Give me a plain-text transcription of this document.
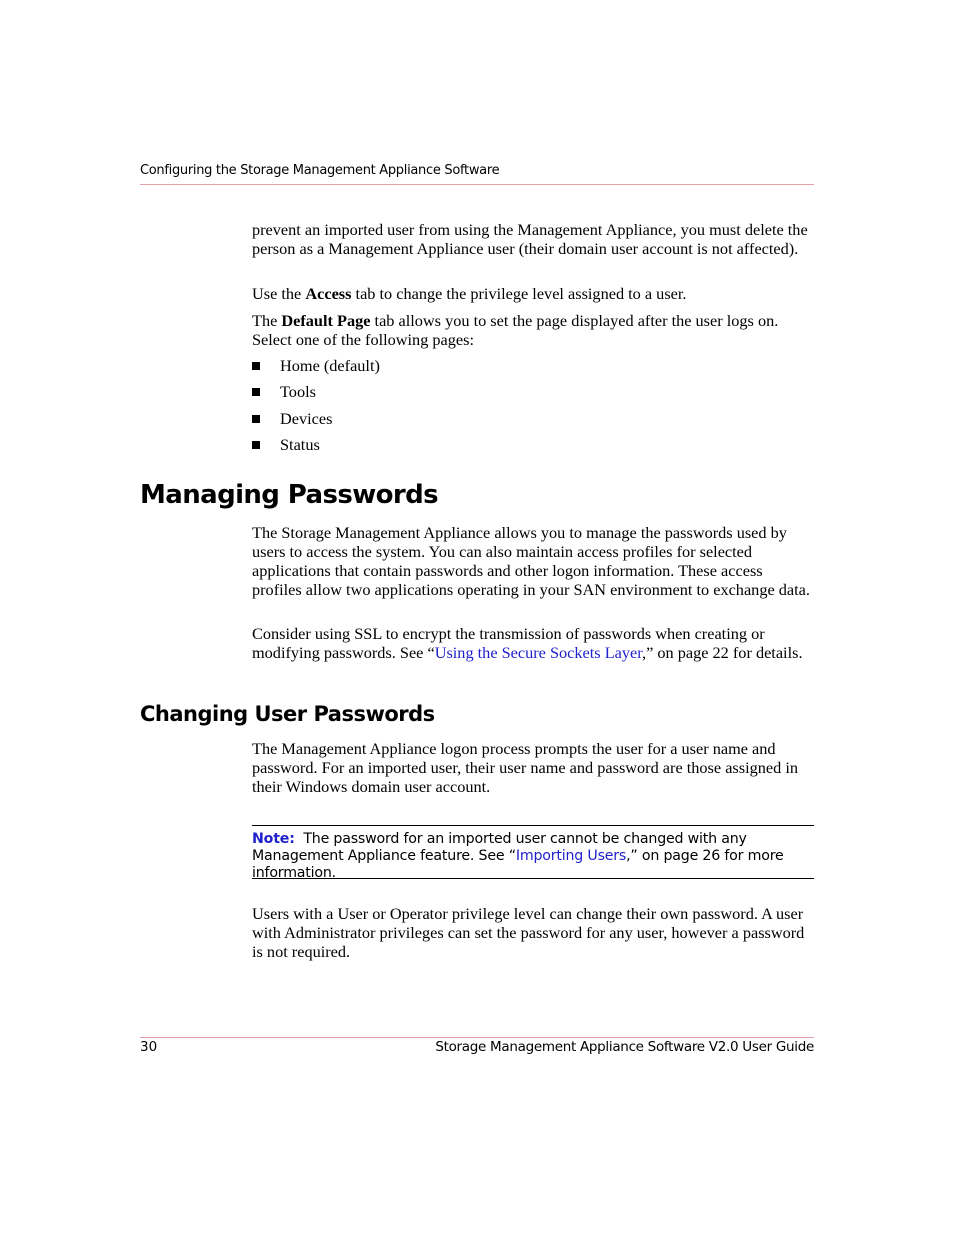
Configuring the Storage Management Appliance Software

prevent an imported user from using the Management Appliance, you must delete the person as a Management Appliance user (their domain user account is not affected).

Use the Access tab to change the privilege level assigned to a user.

The Default Page tab allows you to set the page displayed after the user logs on. Select one of the following pages:

Home (default)
Tools
Devices
Status
Managing Passwords

The Storage Management Appliance allows you to manage the passwords used by users to access the system. You can also maintain access profiles for selected applications that contain passwords and other logon information. These access profiles allow two applications operating in your SAN environment to exchange data.

Consider using SSL to encrypt the transmission of passwords when creating or modifying passwords. See “Using the Secure Sockets Layer,” on page 22 for details.

Changing User Passwords

The Management Appliance logon process prompts the user for a user name and password. For an imported user, their user name and password are those assigned in their Windows domain user account.

Note:  The password for an imported user cannot be changed with any Management Appliance feature. See “Importing Users,” on page 26 for more information.

Users with a User or Operator privilege level can change their own password. A user with Administrator privileges can set the password for any user, however a password is not required.

30	Storage Management Appliance Software V2.0 User Guide
